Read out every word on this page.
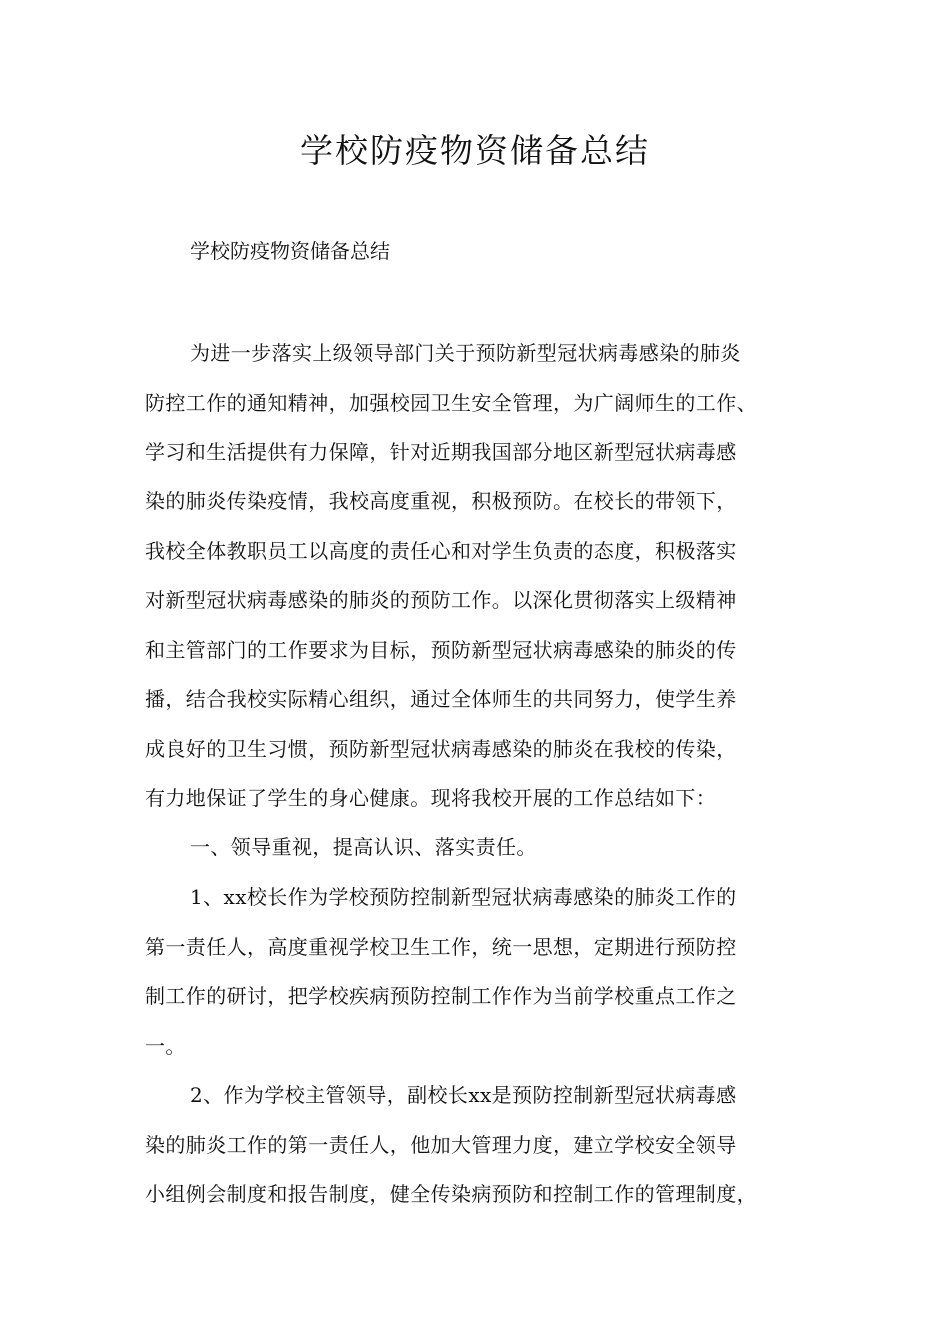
学校防疫物资储备总结

学校防疫物资储备总结

为进一步落实上级领导部门关于预防新型冠状病毒感染的肺炎

防控工作的通知精神，加强校园卫生安全管理，为广阔师生的工作、

学习和生活提供有力保障，针对近期我国部分地区新型冠状病毒感

染的肺炎传染疫情，我校高度重视，积极预防。在校长的带领下，

我校全体教职员工以高度的责任心和对学生负责的态度，积极落实

对新型冠状病毒感染的肺炎的预防工作。以深化贯彻落实上级精神

和主管部门的工作要求为目标，预防新型冠状病毒感染的肺炎的传

播，结合我校实际精心组织，通过全体师生的共同努力，使学生养

成良好的卫生习惯，预防新型冠状病毒感染的肺炎在我校的传染，

有力地保证了学生的身心健康。现将我校开展的工作总结如下：

一、领导重视，提高认识、落实责任。

1、xx校长作为学校预防控制新型冠状病毒感染的肺炎工作的

第一责任人，高度重视学校卫生工作，统一思想，定期进行预防控

制工作的研讨，把学校疾病预防控制工作作为当前学校重点工作之

一。

2、作为学校主管领导，副校长xx是预防控制新型冠状病毒感

染的肺炎工作的第一责任人，他加大管理力度，建立学校安全领导

小组例会制度和报告制度，健全传染病预防和控制工作的管理制度，
